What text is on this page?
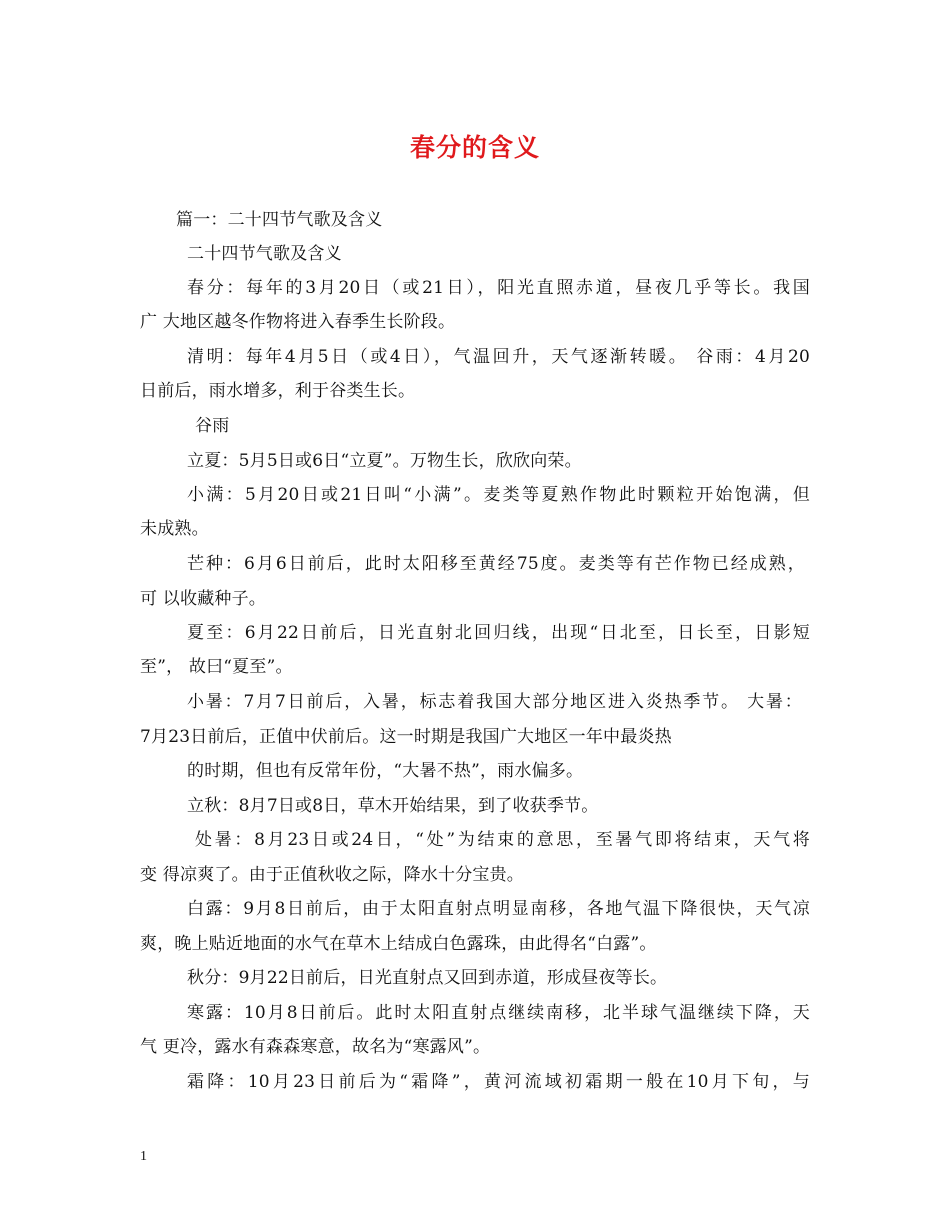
春分的含义
篇一：二十四节气歌及含义
二十四节气歌及含义
春分：每年的3月20日（或21日），阳光直照赤道，昼夜几乎等长。我国
广 大地区越冬作物将进入春季生长阶段。
清明：每年4月5日（或4日），气温回升，天气逐渐转暖。 谷雨：4月20
日前后，雨水增多，利于谷类生长。
谷雨
立夏：5月5日或6日“立夏”。万物生长，欣欣向荣。
小满：5月20日或21日叫“小满”。麦类等夏熟作物此时颗粒开始饱满，但
未成熟。
芒种：6月6日前后，此时太阳移至黄经75度。麦类等有芒作物已经成熟，
可 以收藏种子。
夏至：6月22日前后，日光直射北回归线，出现“日北至，日长至，日影短
至”， 故曰“夏至”。
小暑：7月7日前后，入暑，标志着我国大部分地区进入炎热季节。 大暑：
7月23日前后，正值中伏前后。这一时期是我国广大地区一年中最炎热
的时期，但也有反常年份，“大暑不热”，雨水偏多。
立秋：8月7日或8日，草木开始结果，到了收获季节。
处暑：8月23日或24日，“处”为结束的意思，至暑气即将结束，天气将
变 得凉爽了。由于正值秋收之际，降水十分宝贵。
白露：9月8日前后，由于太阳直射点明显南移，各地气温下降很快，天气凉
爽，晚上贴近地面的水气在草木上结成白色露珠，由此得名“白露”。
秋分：9月22日前后，日光直射点又回到赤道，形成昼夜等长。
寒露：10月8日前后。此时太阳直射点继续南移，北半球气温继续下降，天
气 更冷，露水有森森寒意，故名为“寒露风”。
霜降：10月23日前后为“霜降”，黄河流域初霜期一般在10月下旬，与
1
